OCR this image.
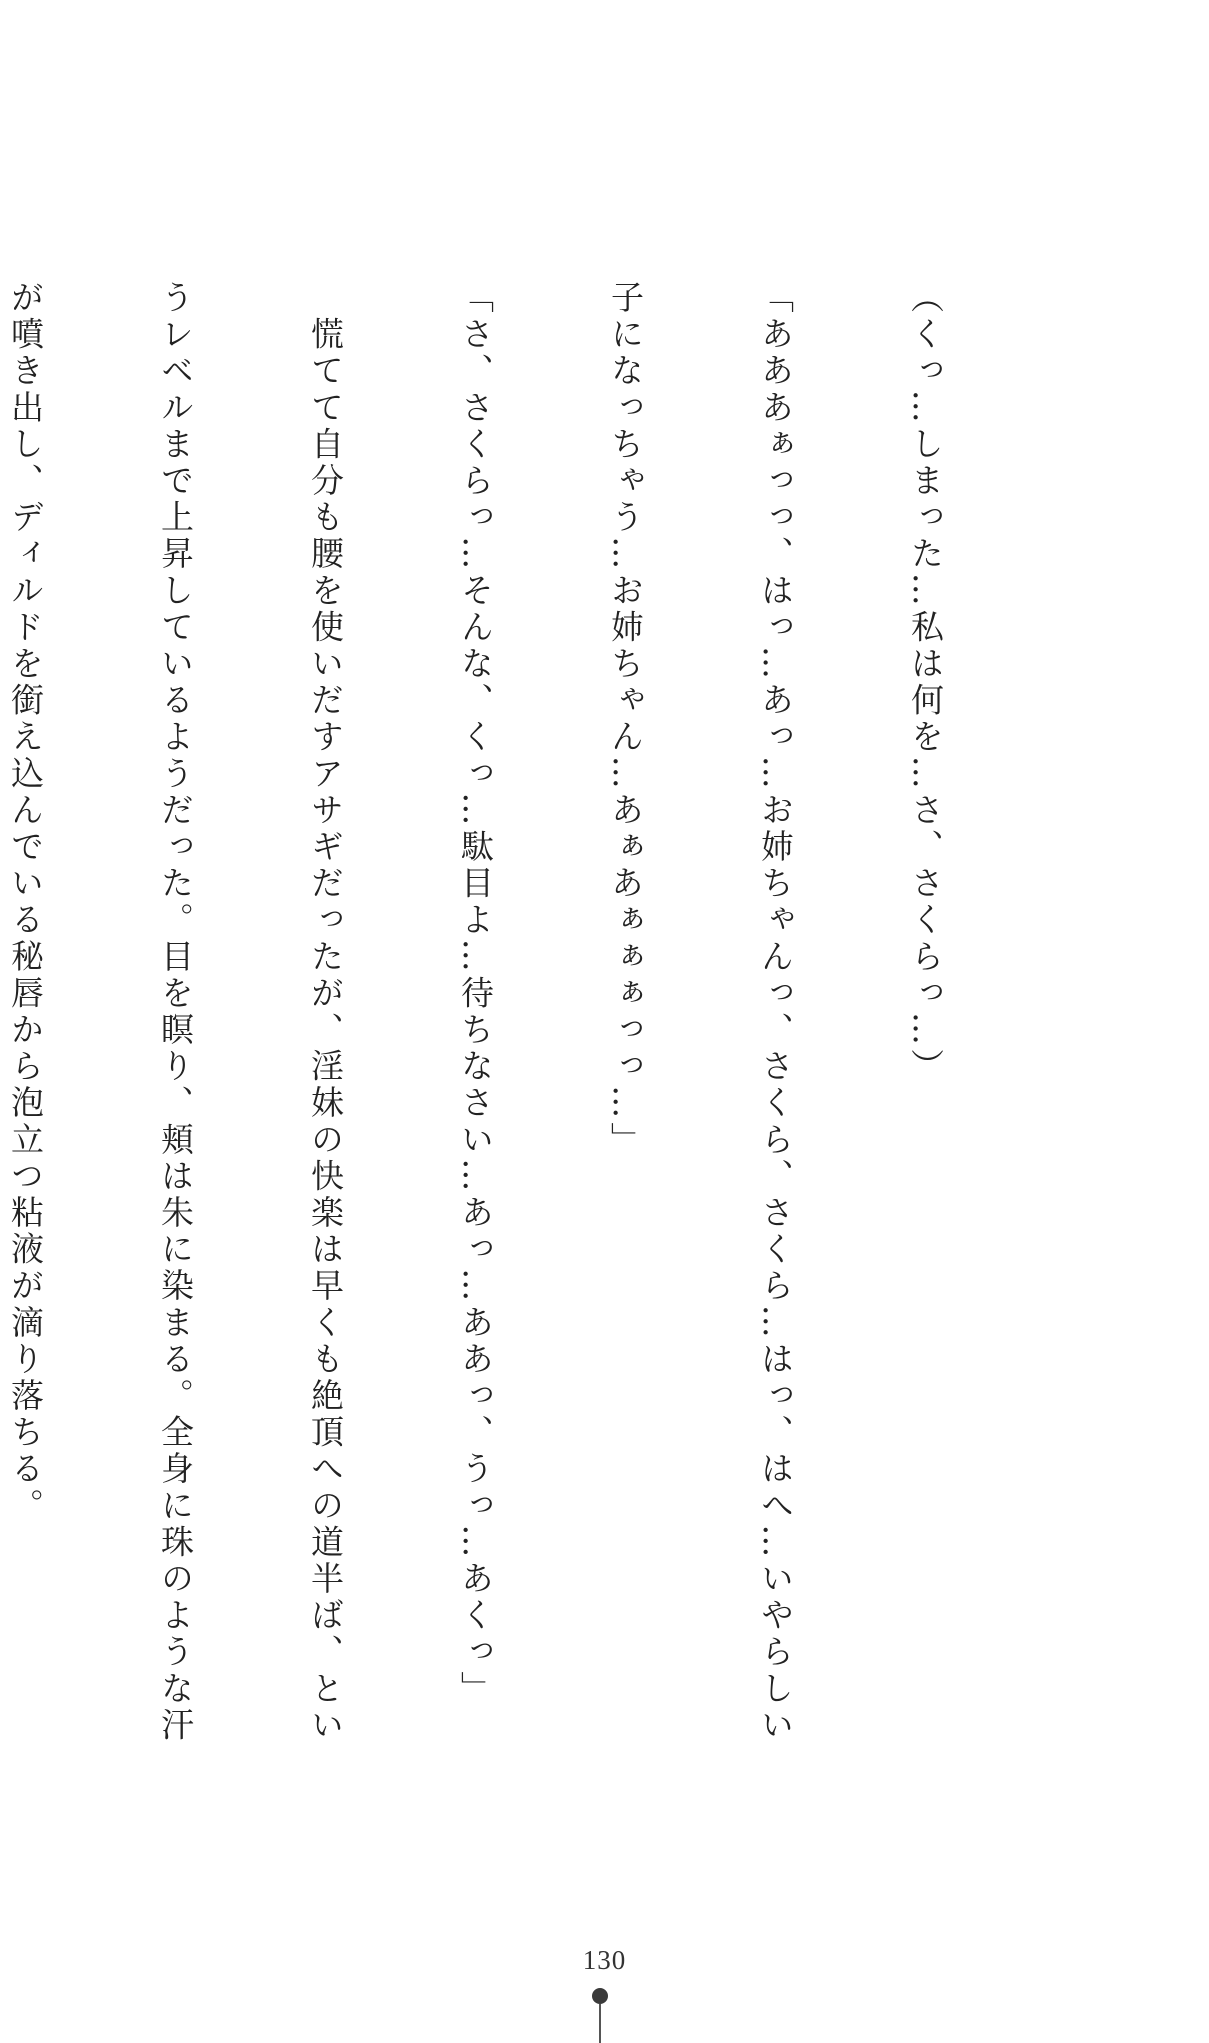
（くっ…しまった…私は何を…さ、さくらっ…）

「あああぁっっ、はっ…あっ…お姉ちゃんっ、さくら、さくら…はっ、はへ…いやらしい

子になっちゃう…お姉ちゃん…あぁあぁぁぁっっ…」

「さ、さくらっ…そんな、くっ…駄目よ…待ちなさい…あっ…ああっ、うっ…あくっ」

　慌てて自分も腰を使いだすアサギだったが、淫妹の快楽は早くも絶頂への道半ば、とい

うレベルまで上昇しているようだった。目を瞑り、頬は朱に染まる。全身に珠のような汗

が噴き出し、ディルドを銜え込んでいる秘唇から泡立つ粘液が滴り落ちる。

130
